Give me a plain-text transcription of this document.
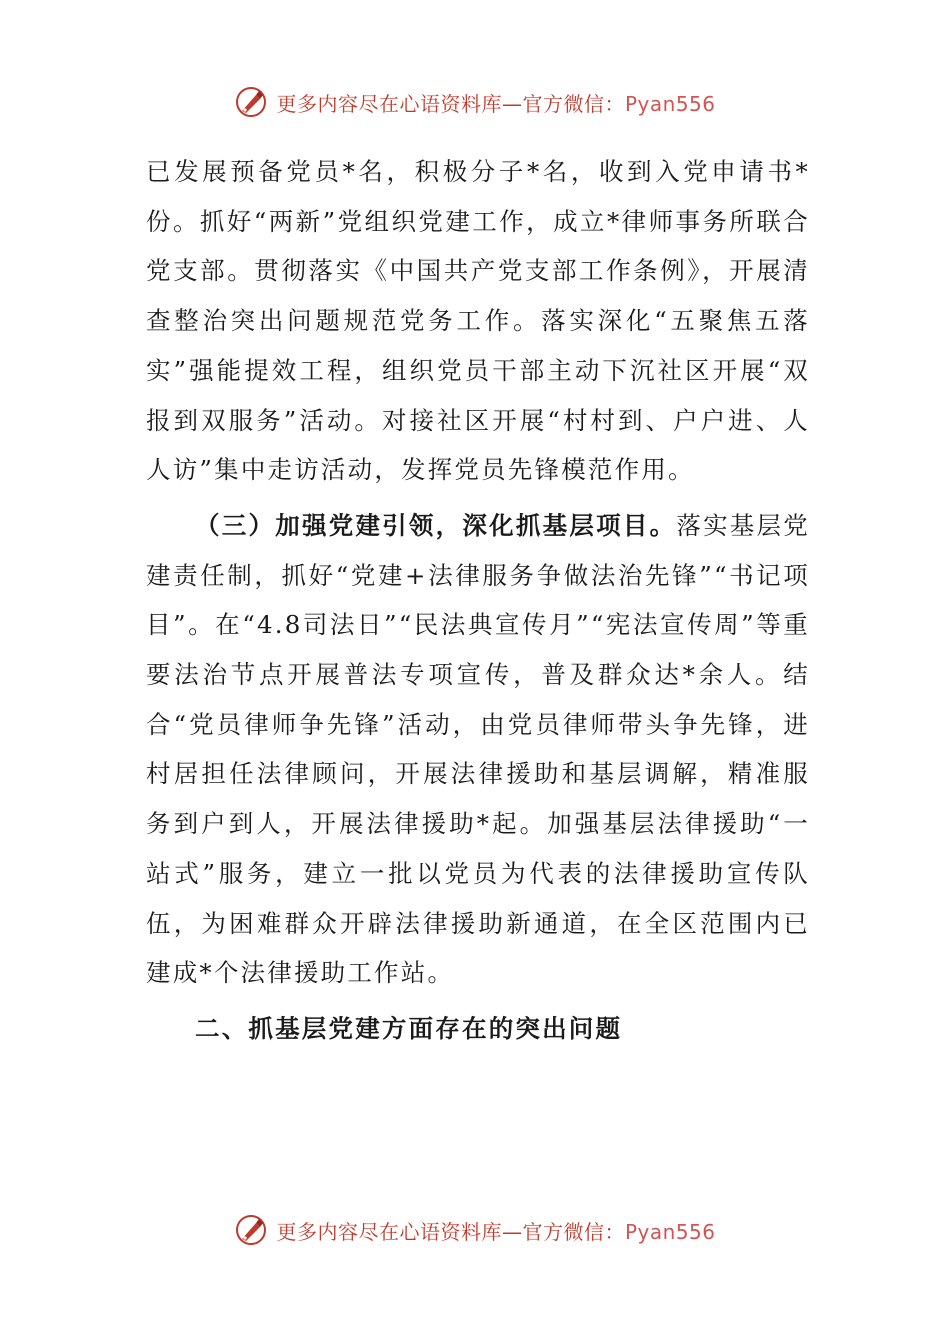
更多内容尽在心语资料库—官方微信：Pyan556

已发展预备党员*名，积极分子*名，收到入党申请书*份。抓好“两新”党组织党建工作，成立*律师事务所联合党支部。贯彻落实《中国共产党支部工作条例》，开展清查整治突出问题规范党务工作。落实深化“五聚焦五落实”强能提效工程，组织党员干部主动下沉社区开展“双报到双服务”活动。对接社区开展“村村到、户户进、人人访”集中走访活动，发挥党员先锋模范作用。

（三）加强党建引领，深化抓基层项目。落实基层党建责任制，抓好“党建+法律服务争做法治先锋”“书记项目”。在“4.8司法日”“民法典宣传月”“宪法宣传周”等重要法治节点开展普法专项宣传，普及群众达*余人。结合“党员律师争先锋”活动，由党员律师带头争先锋，进村居担任法律顾问，开展法律援助和基层调解，精准服务到户到人，开展法律援助*起。加强基层法律援助“一站式”服务，建立一批以党员为代表的法律援助宣传队伍，为困难群众开辟法律援助新通道，在全区范围内已建成*个法律援助工作站。

二、抓基层党建方面存在的突出问题

更多内容尽在心语资料库—官方微信：Pyan556
